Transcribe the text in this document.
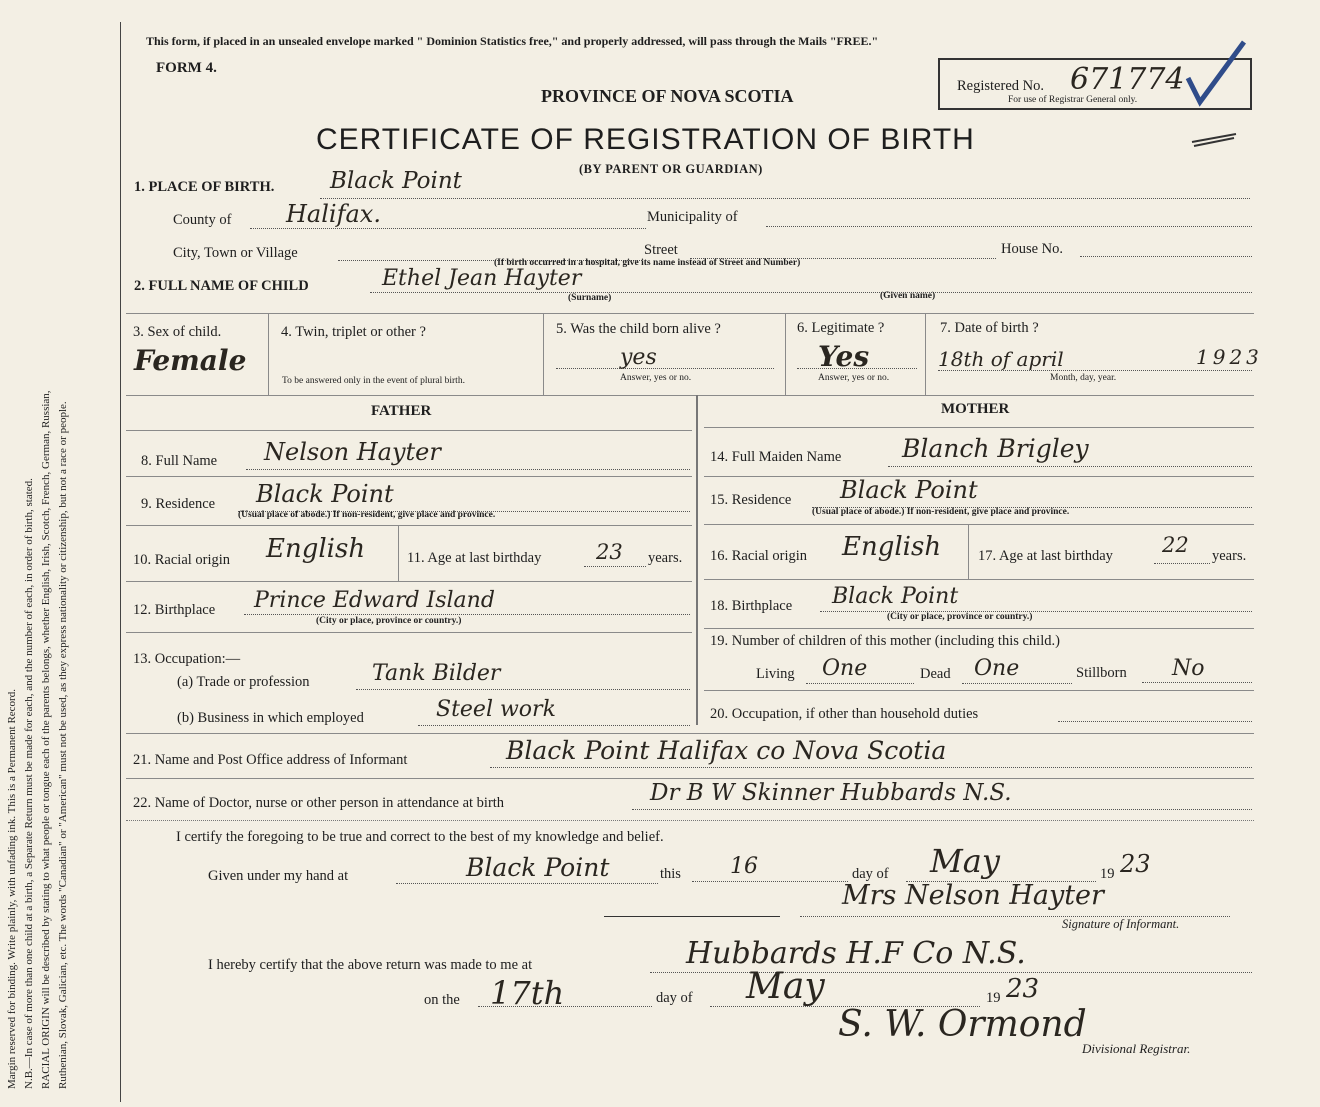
Margin reserved for binding. Write plainly, with unfading ink. This is a Permanent Record. N.B.—In case of more than one child at a birth, a Separate Return must be made for each, and the number of each, in order of birth, stated. RACIAL ORIGIN will be described by stating to what people or tongue each of the parents belongs, whether English, Irish, Scotch, French, German, Russian, Ruthenian, Slovak, Galician, etc. The words "Canadian" or "American" must not be used, as they express nationality or citizenship, but not a race or people.
This form, if placed in an unsealed envelope marked " Dominion Statistics free," and properly addressed, will pass through the Mails "FREE."
FORM 4.
PROVINCE OF NOVA SCOTIA
CERTIFICATE OF REGISTRATION OF BIRTH
(BY PARENT OR GUARDIAN)
Registered No. 671774
For use of Registrar General only.
1. PLACE OF BIRTH. Black Point
County of Halifax.	Municipality of
City, Town or Village	Street	House No.
(If birth occurred in a hospital, give its name instead of Street and Number)
2. FULL NAME OF CHILD	Ethel Jean Hayter
(Surname)	(Given name)
3. Sex of child.
Female
4. Twin, triplet or other ?
To be answered only in the event of plural birth.
5. Was the child born alive ?
yes
Answer, yes or no.
6. Legitimate ?
Yes
Answer, yes or no.
7. Date of birth ?
18th of april	1923
Month, day, year.
FATHER	MOTHER
8. Full Name Nelson Hayter
9. Residence Black Point
(Usual place of abode.) If non-resident, give place and province.
10. Racial origin English	11. Age at last birthday	23 years.
12. Birthplace Prince Edward Island
(City or place, province or country.)
13. Occupation:—
(a) Trade or profession	Tank Bilder
(b) Business in which employed	Steel work
14. Full Maiden Name Blanch Brigley
15. Residence Black Point
(Usual place of abode.) If non-resident, give place and province.
16. Racial origin English	17. Age at last birthday 22 years.
18. Birthplace Black Point
(City or place, province or country.)
19. Number of children of this mother (including this child.)
Living One	Dead One	Stillborn No
20. Occupation, if other than household duties
21. Name and Post Office address of Informant	Black Point Halifax co Nova Scotia
22. Name of Doctor, nurse or other person in attendance at birth	Dr B W Skinner Hubbards N.S.
I certify the foregoing to be true and correct to the best of my knowledge and belief.
Given under my hand at	Black Point	this 16	day of May	19 23
Mrs Nelson Hayter
Signature of Informant.
I hereby certify that the above return was made to me at	Hubbards H.F Co N.S.
on the 17th	day of May	19 23
S. W. Ormond
Divisional Registrar.
